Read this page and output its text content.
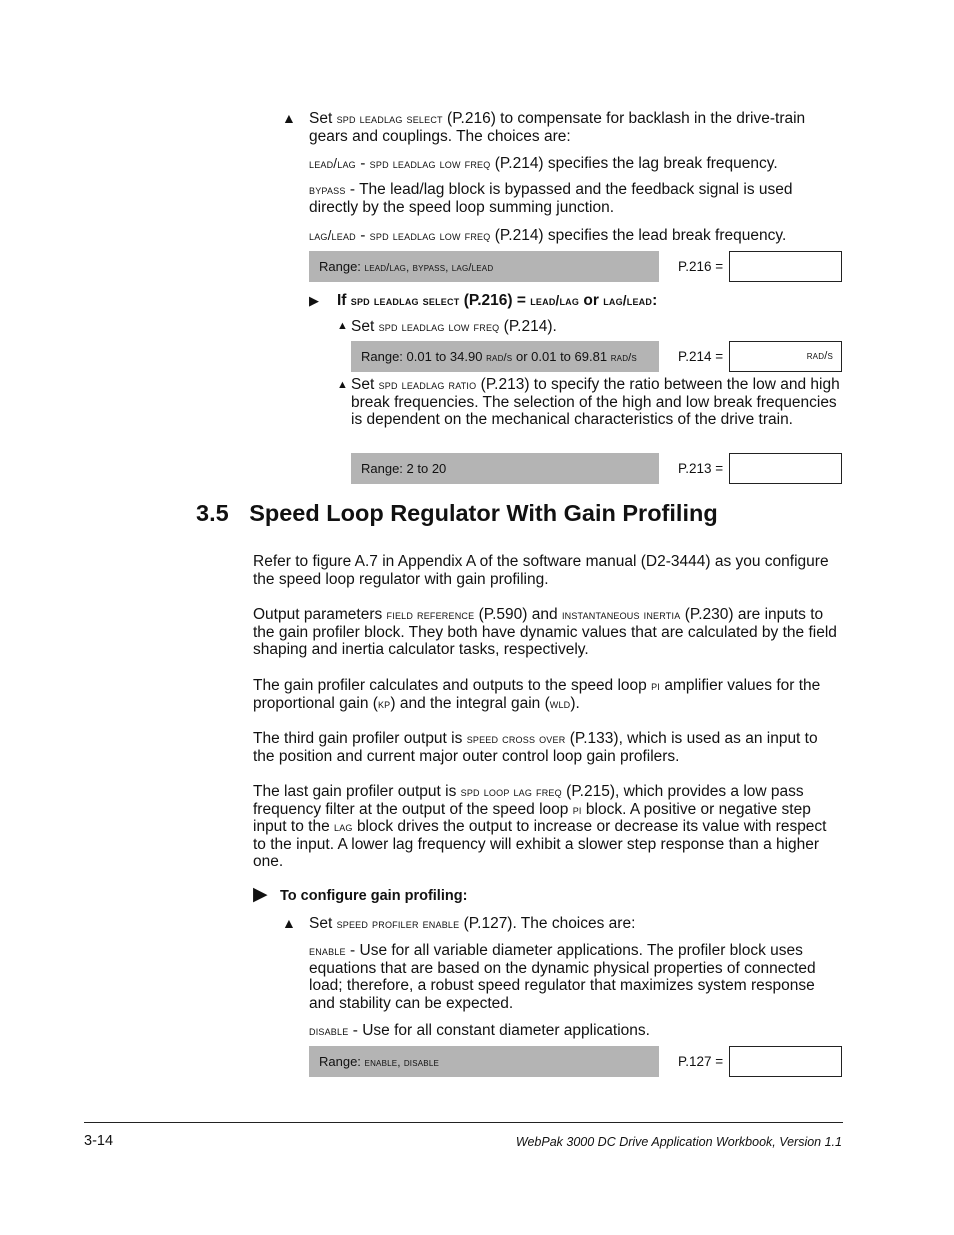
▲ Set spd leadlag select (P.216) to compensate for backlash in the drive-train gears and couplings. The choices are:
lead/lag - spd leadlag low freq (P.214) specifies the lag break frequency.
bypass - The lead/lag block is bypassed and the feedback signal is used directly by the speed loop summing junction.
lag/lead - spd leadlag low freq (P.214) specifies the lead break frequency.
Range: lead/lag, bypass, lag/lead	P.216 =
▶ If spd leadlag select (P.216) = lead/lag or lag/lead:
▲ Set spd leadlag low freq (P.214).
Range: 0.01 to 34.90 rad/s or 0.01 to 69.81 rad/s	P.214 =	rad/s
▲ Set spd leadlag ratio (P.213) to specify the ratio between the low and high break frequencies. The selection of the high and low break frequencies is dependent on the mechanical characteristics of the drive train.
Range: 2 to 20	P.213 =
3.5 Speed Loop Regulator With Gain Profiling
Refer to figure A.7 in Appendix A of the software manual (D2-3444) as you configure the speed loop regulator with gain profiling.
Output parameters field reference (P.590) and instantaneous inertia (P.230) are inputs to the gain profiler block. They both have dynamic values that are calculated by the field shaping and inertia calculator tasks, respectively.
The gain profiler calculates and outputs to the speed loop pi amplifier values for the proportional gain (kp) and the integral gain (wld).
The third gain profiler output is speed cross over (P.133), which is used as an input to the position and current major outer control loop gain profilers.
The last gain profiler output is spd loop lag freq (P.215), which provides a low pass frequency filter at the output of the speed loop pi block. A positive or negative step input to the lag block drives the output to increase or decrease its value with respect to the input. A lower lag frequency will exhibit a slower step response than a higher one.
▶ To configure gain profiling:
▲ Set speed profiler enable (P.127). The choices are:
enable - Use for all variable diameter applications. The profiler block uses equations that are based on the dynamic physical properties of connected load; therefore, a robust speed regulator that maximizes system response and stability can be expected.
disable - Use for all constant diameter applications.
Range: enable, disable	P.127 =
3-14	WebPak 3000 DC Drive Application Workbook, Version 1.1
